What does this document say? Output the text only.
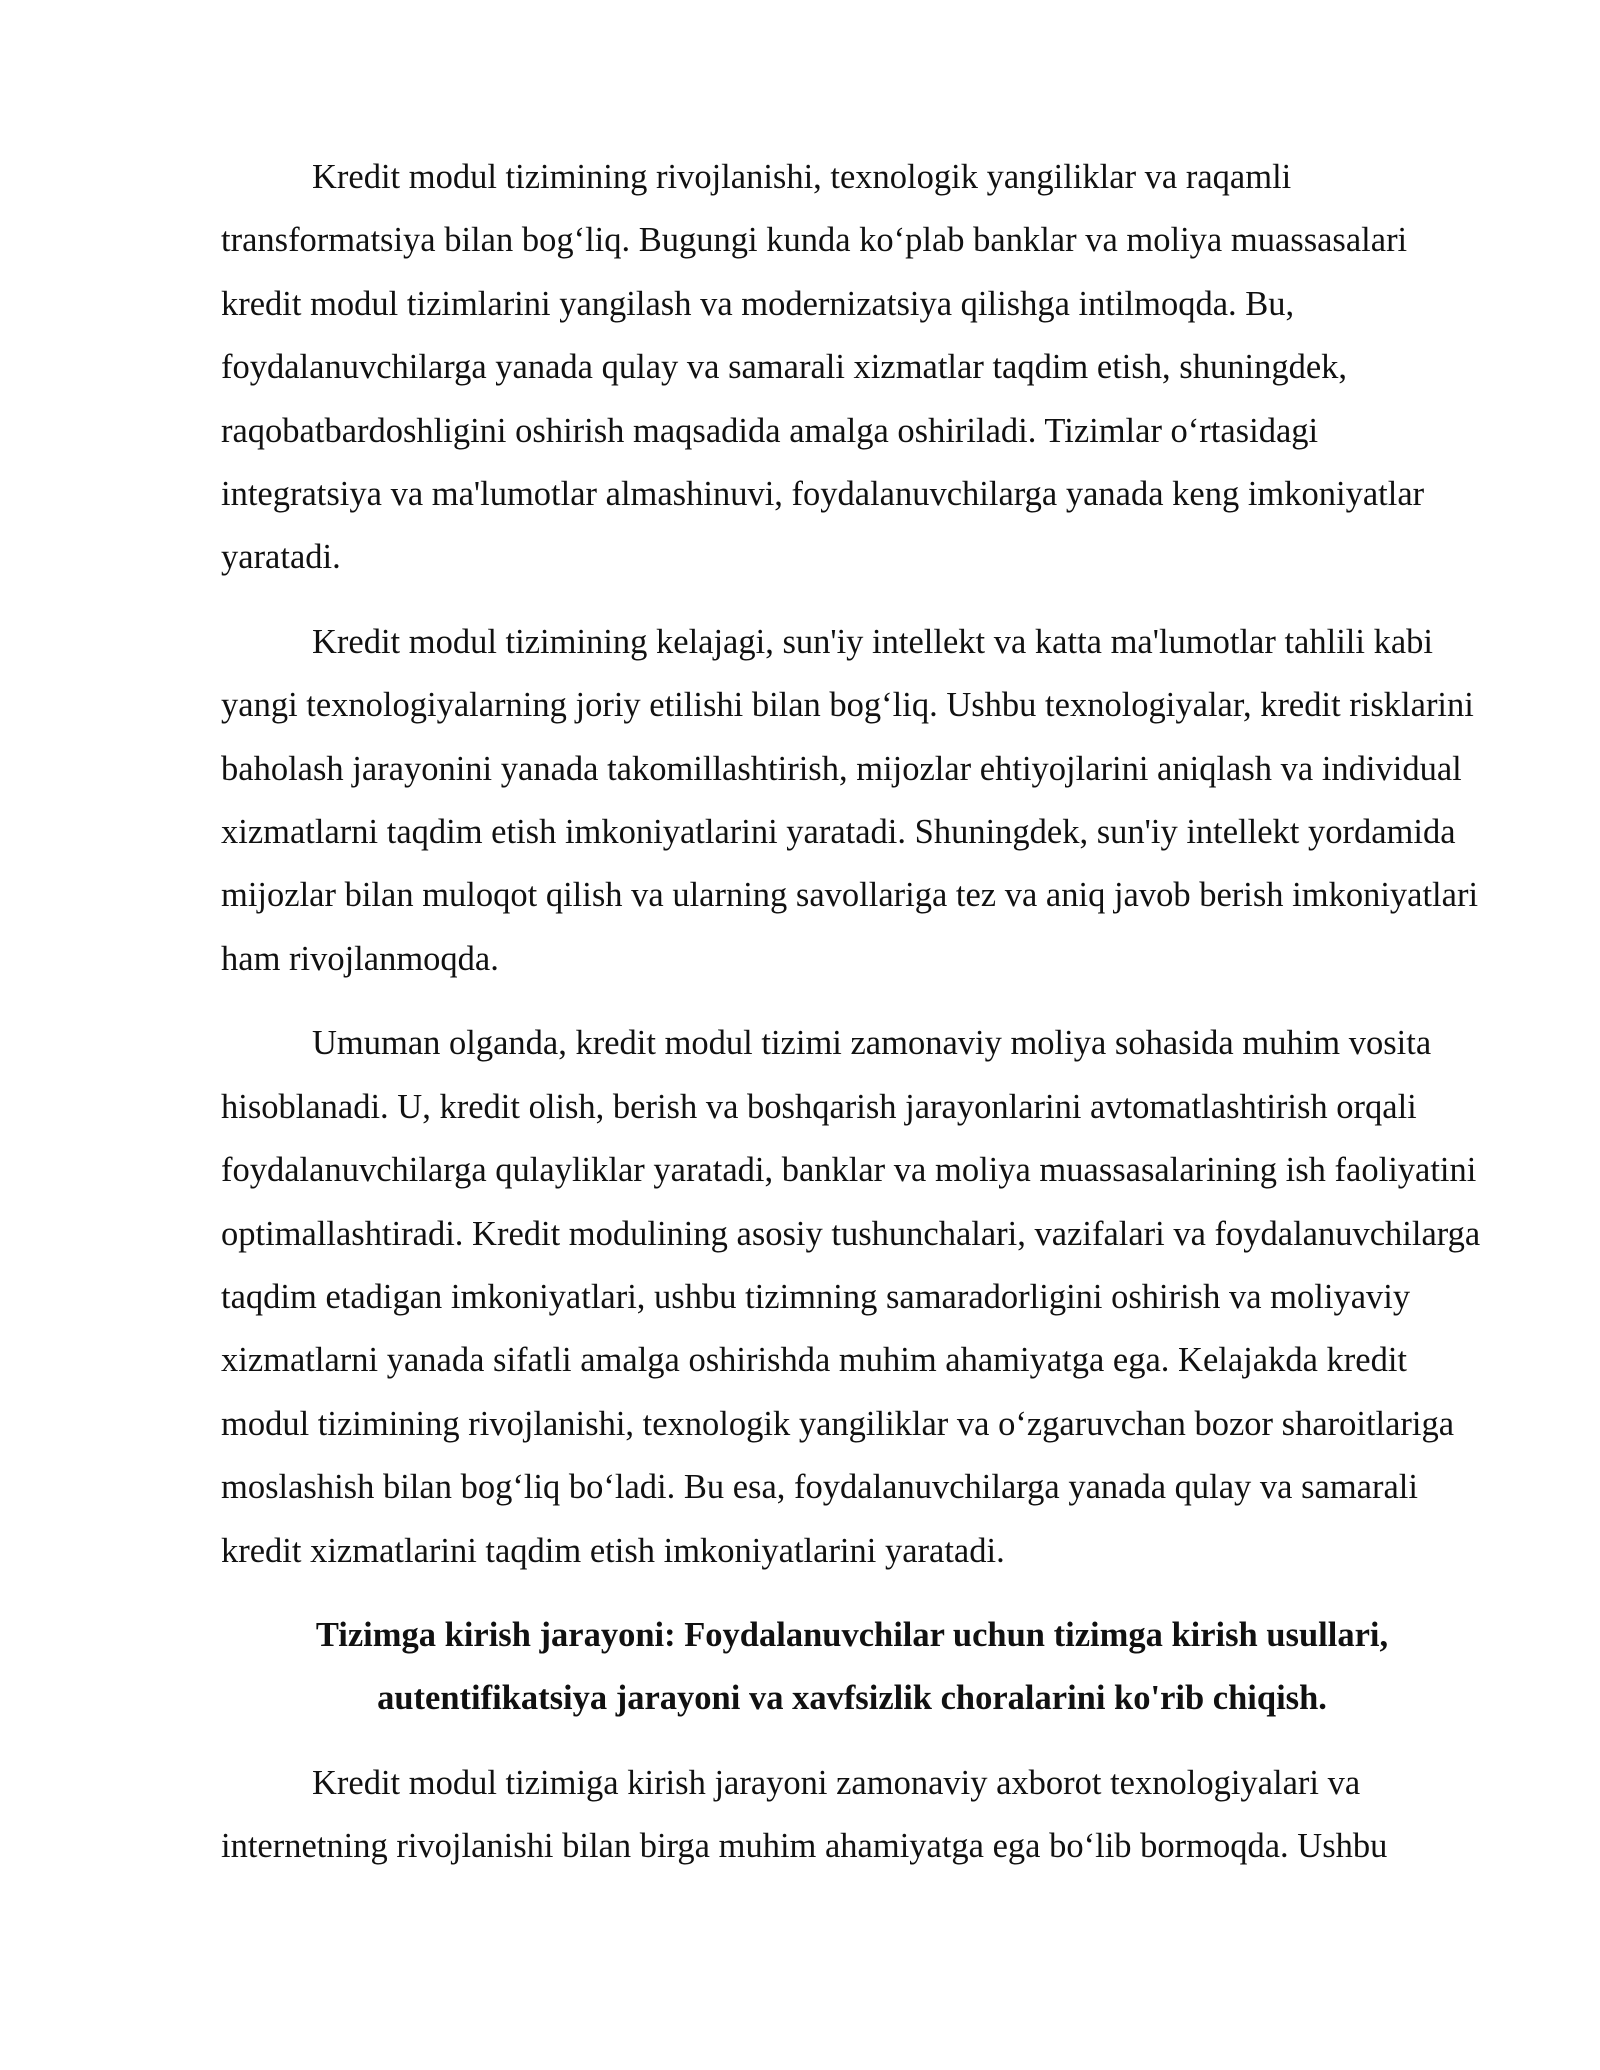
Kredit modul tizimining rivojlanishi, texnologik yangiliklar va raqamli transformatsiya bilan bog‘liq. Bugungi kunda ko‘plab banklar va moliya muassasalari kredit modul tizimlarini yangilash va modernizatsiya qilishga intilmoqda. Bu, foydalanuvchilarga yanada qulay va samarali xizmatlar taqdim etish, shuningdek, raqobatbardoshligini oshirish maqsadida amalga oshiriladi. Tizimlar o‘rtasidagi integratsiya va ma'lumotlar almashinuvi, foydalanuvchilarga yanada keng imkoniyatlar yaratadi.

Kredit modul tizimining kelajagi, sun'iy intellekt va katta ma'lumotlar tahlili kabi yangi texnologiyalarning joriy etilishi bilan bog‘liq. Ushbu texnologiyalar, kredit risklarini baholash jarayonini yanada takomillashtirish, mijozlar ehtiyojlarini aniqlash va individual xizmatlarni taqdim etish imkoniyatlarini yaratadi. Shuningdek, sun'iy intellekt yordamida mijozlar bilan muloqot qilish va ularning savollariga tez va aniq javob berish imkoniyatlari ham rivojlanmoqda.

Umuman olganda, kredit modul tizimi zamonaviy moliya sohasida muhim vosita hisoblanadi. U, kredit olish, berish va boshqarish jarayonlarini avtomatlashtirish orqali foydalanuvchilarga qulayliklar yaratadi, banklar va moliya muassasalarining ish faoliyatini optimallashtiradi. Kredit modulining asosiy tushunchalari, vazifalari va foydalanuvchilarga taqdim etadigan imkoniyatlari, ushbu tizimning samaradorligini oshirish va moliyaviy xizmatlarni yanada sifatli amalga oshirishda muhim ahamiyatga ega. Kelajakda kredit modul tizimining rivojlanishi, texnologik yangiliklar va o‘zgaruvchan bozor sharoitlariga moslashish bilan bog‘liq bo‘ladi. Bu esa, foydalanuvchilarga yanada qulay va samarali kredit xizmatlarini taqdim etish imkoniyatlarini yaratadi.

Tizimga kirish jarayoni: Foydalanuvchilar uchun tizimga kirish usullari, autentifikatsiya jarayoni va xavfsizlik choralarini ko'rib chiqish.

Kredit modul tizimiga kirish jarayoni zamonaviy axborot texnologiyalari va internetning rivojlanishi bilan birga muhim ahamiyatga ega bo‘lib bormoqda. Ushbu
